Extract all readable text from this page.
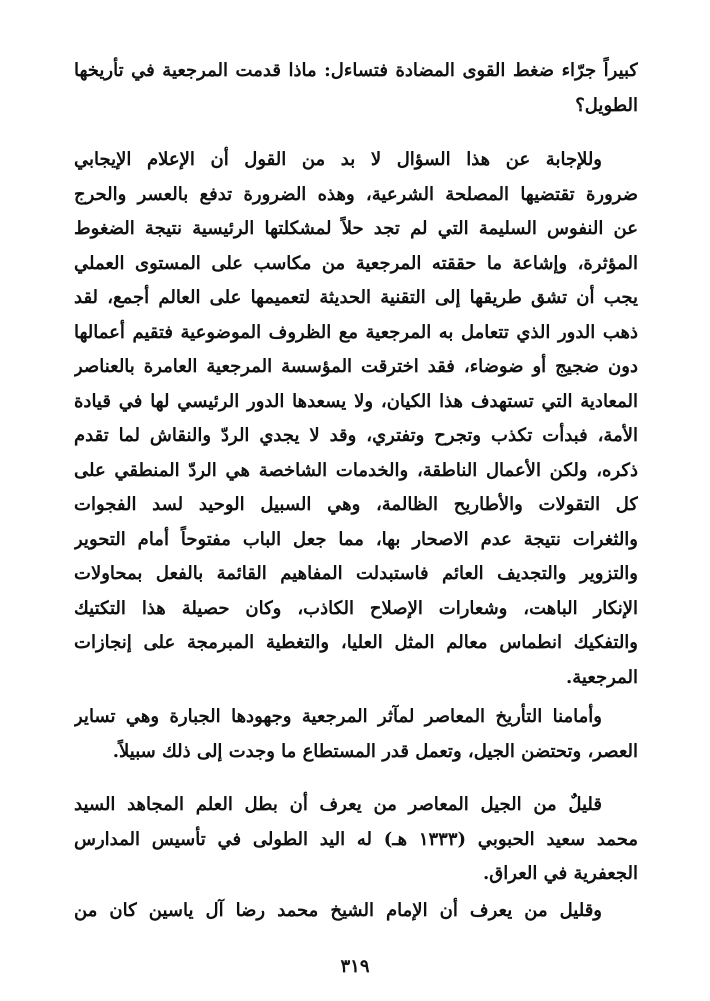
كبيراً جرّاء ضغط القوى المضادة فتساءل: ماذا قدمت المرجعية في تأريخها
الطويل؟
وللإجابة عن هذا السؤال لا بد من القول أن الإعلام الإيجابي
ضرورة تقتضيها المصلحة الشرعية، وهذه الضرورة تدفع بالعسر والحرج
عن النفوس السليمة التي لم تجد حلاً لمشكلتها الرئيسية نتيجة الضغوط
المؤثرة، وإشاعة ما حققته المرجعية من مكاسب على المستوى العملي
يجب أن تشق طريقها إلى التقنية الحديثة لتعميمها على العالم أجمع، لقد
ذهب الدور الذي تتعامل به المرجعية مع الظروف الموضوعية فتقيم أعمالها
دون ضجيج أو ضوضاء، فقد اخترقت المؤسسة المرجعية العامرة بالعناصر
المعادية التي تستهدف هذا الكيان، ولا يسعدها الدور الرئيسي لها في قيادة
الأمة، فبدأت تكذب وتجرح وتفتري، وقد لا يجدي الردّ والنقاش لما تقدم
ذكره، ولكن الأعمال الناطقة، والخدمات الشاخصة هي الردّ المنطقي على
كل التقولات والأطاريح الظالمة، وهي السبيل الوحيد لسد الفجوات
والثغرات نتيجة عدم الاصحار بها، مما جعل الباب مفتوحاً أمام التحوير
والتزوير والتجديف العائم فاستبدلت المفاهيم القائمة بالفعل بمحاولات
الإنكار الباهت، وشعارات الإصلاح الكاذب، وكان حصيلة هذا التكتيك
والتفكيك انطماس معالم المثل العليا، والتغطية المبرمجة على إنجازات
المرجعية.
وأمامنا التأريخ المعاصر لمآثر المرجعية وجهودها الجبارة وهي تساير
العصر، وتحتضن الجيل، وتعمل قدر المستطاع ما وجدت إلى ذلك سبيلاً.
قليلٌ من الجيل المعاصر من يعرف أن بطل العلم المجاهد السيد
محمد سعيد الحبوبي (١٣٣٣ هـ) له اليد الطولى في تأسيس المدارس
الجعفرية في العراق.
وقليل من يعرف أن الإمام الشيخ محمد رضا آل ياسين كان من
٣١٩
